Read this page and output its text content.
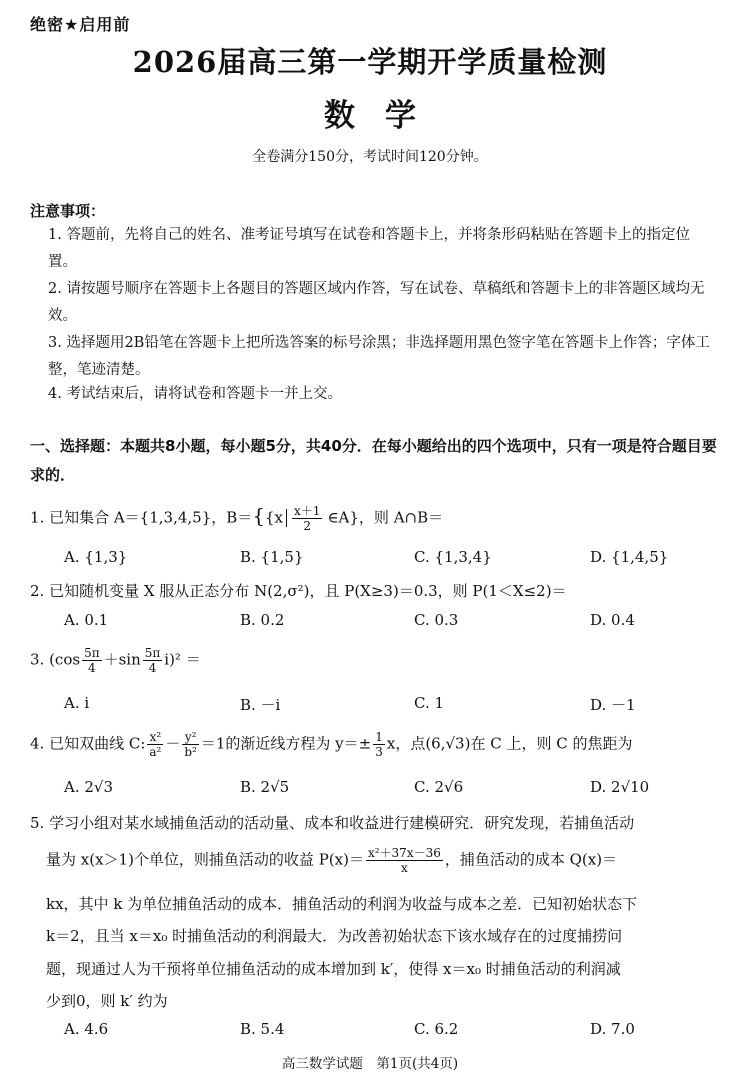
绝密★启用前
2026届高三第一学期开学质量检测
数学
全卷满分150分，考试时间120分钟。
注意事项：
1. 答题前，先将自己的姓名、准考证号填写在试卷和答题卡上，并将条形码粘贴在答题卡上的指定位置。
2. 请按题号顺序在答题卡上各题目的答题区域内作答，写在试卷、草稿纸和答题卡上的非答题区域均无效。
3. 选择题用2B铅笔在答题卡上把所选答案的标号涂黑；非选择题用黑色签字笔在答题卡上作答；字体工整，笔迹清楚。
4. 考试结束后，请将试卷和答题卡一并上交。
一、选择题：本题共8小题，每小题5分，共40分．在每小题给出的四个选项中，只有一项是符合题目要求的．
1. 已知集合 A＝{1,3,4,5}，$B=\{\{x \frac{x+1}{2}$ ∈A}，则 A∩B＝
A. {1,3}	B. {1,5}	C. {1,3,4}	D. {1,4,5}
2. 已知随机变量 X 服从正态分布 N(2,σ²)，且 P(X≥3)＝0.3，则 P(1＜X≤2)＝
A. 0.1	B. 0.2	C. 0.3	D. 0.4
3. $(\cos \frac{5\pi}{4} +\sin \frac{5\pi}{4} i)^2$ ＝
A. i	B. －i	C. 1	D. －1
4. 已知双曲线 C: $\frac{\text{x²}}{\text{a²}} - \frac{\text{y²}}{\text{b²}} =1$的渐近线方程为 $y=\pm \frac{1}{3}$ x，点(6,√3)在 C 上，则 C 的焦距为
A. 2√3	B. 2√5	C. 2√6	D. 2√10
5. 学习小组对某水域捕鱼活动的活动量、成本和收益进行建模研究．研究发现，若捕鱼活动
量为 x(x＞1)个单位，则捕鱼活动的收益 $P(x)= \frac{\text{x²＋37x－36}}{x}$ ，捕鱼活动的成本 Q(x)＝
kx，其中 k 为单位捕鱼活动的成本．捕鱼活动的利润为收益与成本之差．已知初始状态下
k＝2，且当 x＝x₀ 时捕鱼活动的利润最大．为改善初始状态下该水域存在的过度捕捞问
题，现通过人为干预将单位捕鱼活动的成本增加到 k′，使得 x＝x₀ 时捕鱼活动的利润减
少到0，则 k′ 约为
A. 4.6	B. 5.4	C. 6.2	D. 7.0
高三数学试题　第1页(共4页)
